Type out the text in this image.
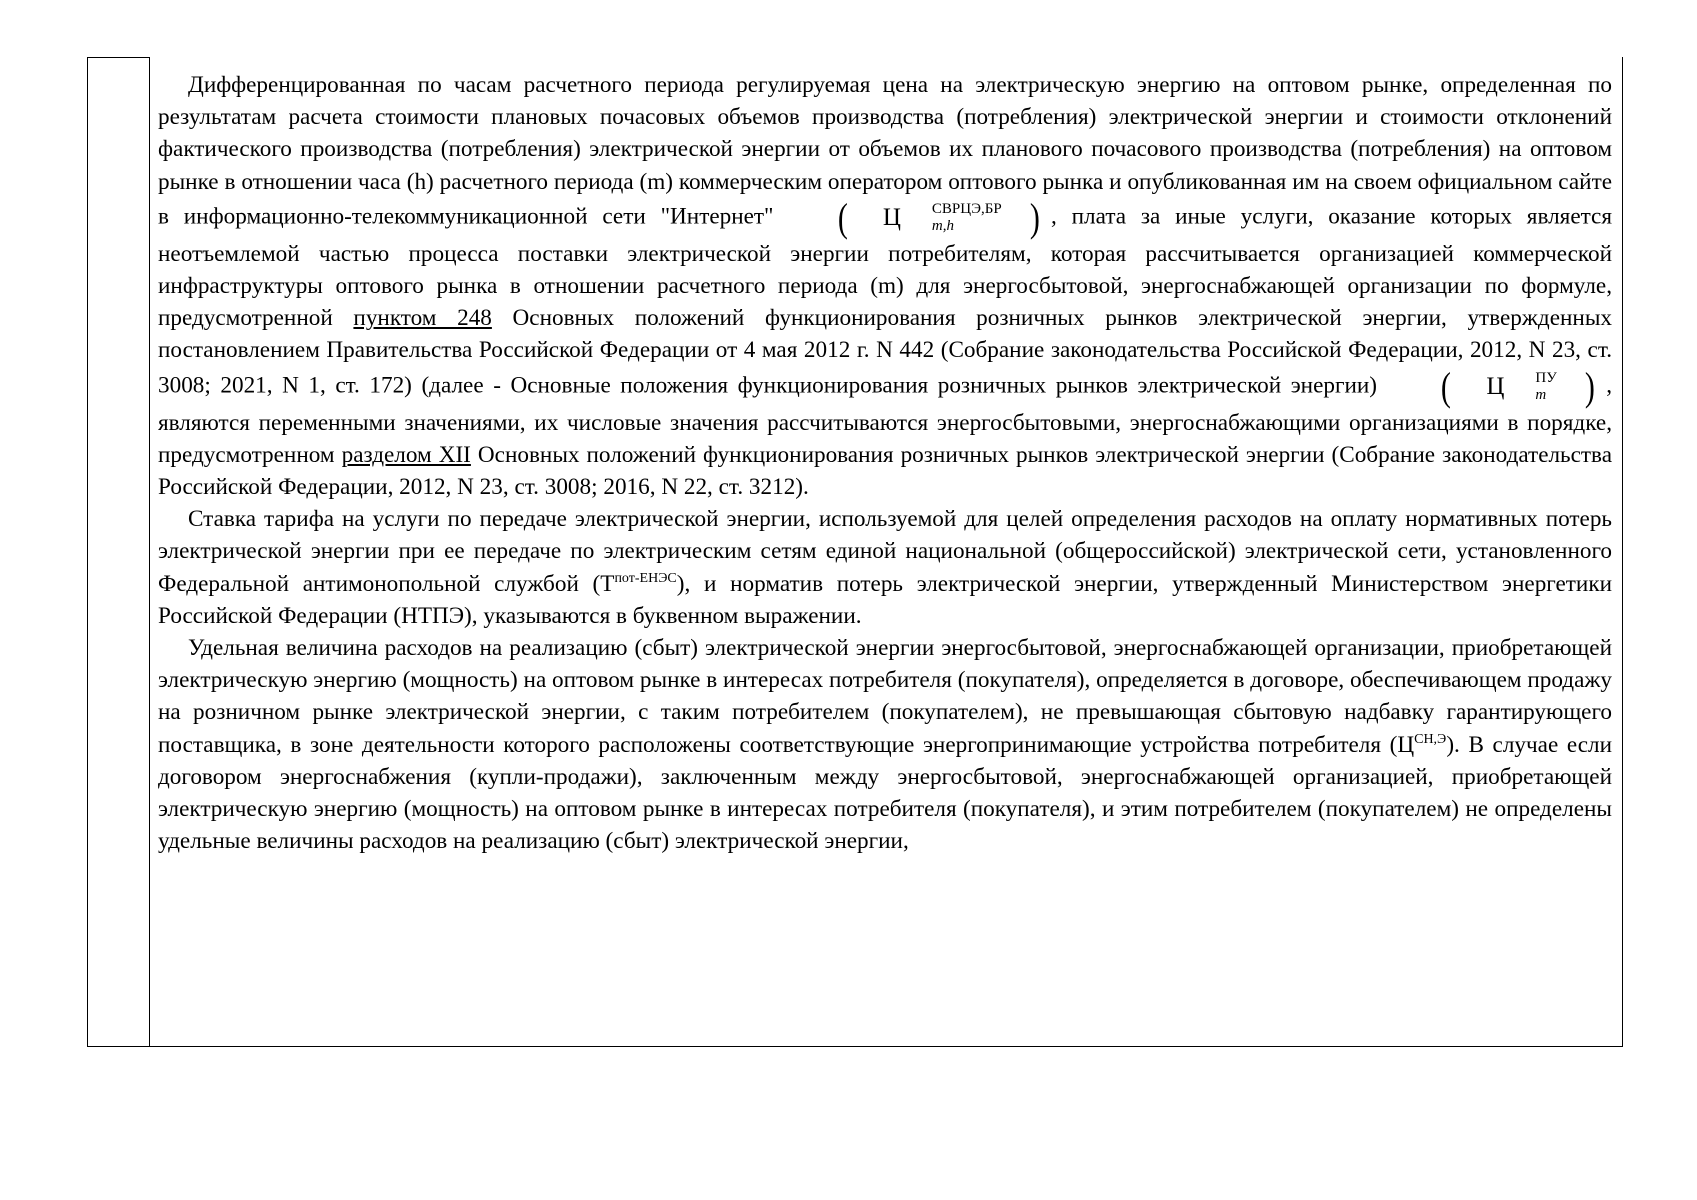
Дифференцированная по часам расчетного периода регулируемая цена на электрическую энергию на оптовом рынке, определенная по результатам расчета стоимости плановых почасовых объемов производства (потребления) электрической энергии и стоимости отклонений фактического производства (потребления) электрической энергии от объемов их планового почасового производства (потребления) на оптовом рынке в отношении часа (h) расчетного периода (m) коммерческим оператором оптового рынка и опубликованная им на своем официальном сайте в информационно-телекоммуникационной сети "Интернет" ( Ц	СВРЦЭ,БР
m,h	) , плата за иные услуги, оказание которых является неотъемлемой частью процесса поставки электрической энергии потребителям, которая рассчитывается организацией коммерческой инфраструктуры оптового рынка в отношении расчетного периода (m) для энергосбытовой, энергоснабжающей организации по формуле, предусмотренной пунктом 248 Основных положений функционирования розничных рынков электрической энергии, утвержденных постановлением Правительства Российской Федерации от 4 мая 2012 г. N 442 (Собрание законодательства Российской Федерации, 2012, N 23, ст. 3008; 2021, N 1, ст. 172) (далее - Основные положения функционирования розничных рынков электрической энергии) ( Ц	ПУ
m ) , являются переменными значениями, их числовые значения рассчитываются энергосбытовыми, энергоснабжающими организациями в порядке, предусмотренном разделом XII Основных положений функционирования розничных рынков электрической энергии (Собрание законодательства Российской Федерации, 2012, N 23, ст. 3008; 2016, N 22, ст. 3212).

Ставка тарифа на услуги по передаче электрической энергии, используемой для целей определения расходов на оплату нормативных потерь электрической энергии при ее передаче по электрическим сетям единой национальной (общероссийской) электрической сети, установленного Федеральной антимонопольной службой $(Т^{пот-ЕНЭС})$, и норматив потерь электрической энергии, утвержденный Министерством энергетики Российской Федерации (НТПЭ), указываются в буквенном выражении.

Удельная величина расходов на реализацию (сбыт) электрической энергии энергосбытовой, энергоснабжающей организации, приобретающей электрическую энергию (мощность) на оптовом рынке в интересах потребителя (покупателя), определяется в договоре, обеспечивающем продажу на розничном рынке электрической энергии, с таким потребителем (покупателем), не превышающая сбытовую надбавку гарантирующего поставщика, в зоне деятельности которого расположены соответствующие энергопринимающие устройства потребителя $(Ц^{СН,Э})$. В случае если договором энергоснабжения (купли-продажи), заключенным между энергосбытовой, энергоснабжающей организацией, приобретающей электрическую энергию (мощность) на оптовом рынке в интересах потребителя (покупателя), и этим потребителем (покупателем) не определены удельные величины расходов на реализацию (сбыт) электрической энергии,
